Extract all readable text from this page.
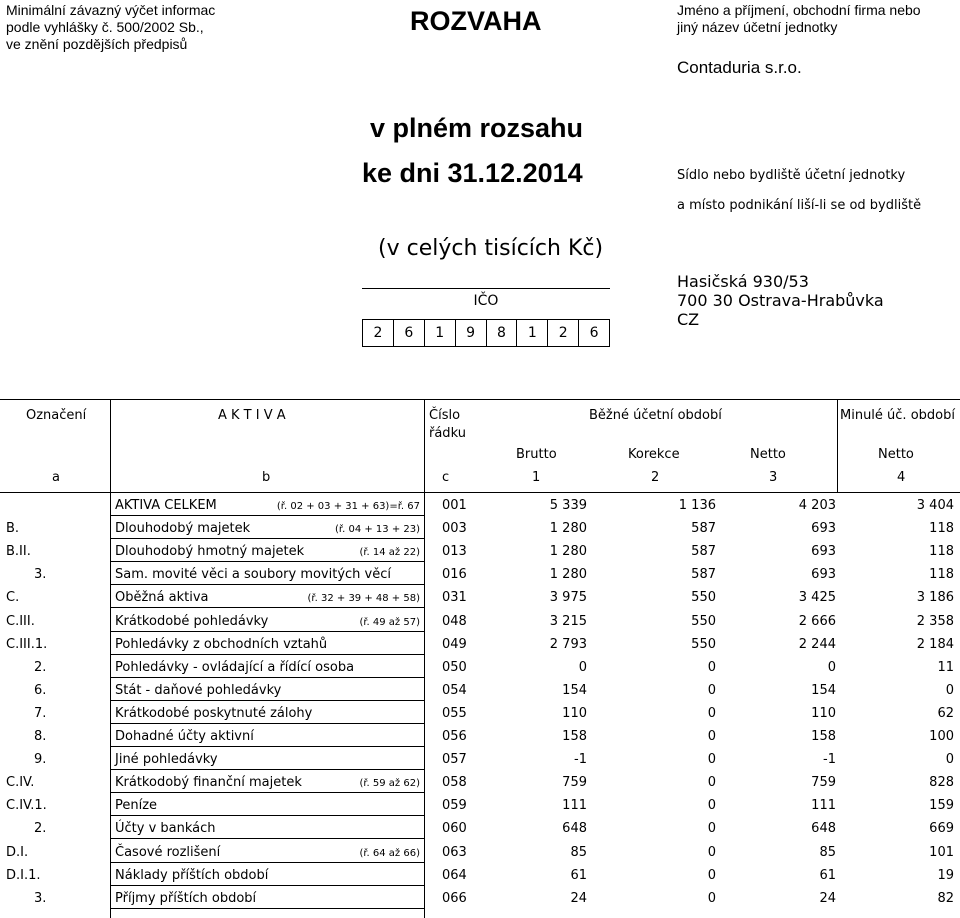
Minimální závazný výčet informac
podle vyhlášky č. 500/2002 Sb.,
ve znění pozdějších předpisů
ROZVAHA	Jméno a příjmení, obchodní firma nebo
jiný název účetní jednotky
Contaduria s.r.o.
v plném rozsahu
ke dni 31.12.2014	Sídlo nebo bydliště účetní jednotky
a místo podnikání liší-li se od bydliště
(v celých tisících Kč)
IČO
2	6	1	9	8	1	2	6
Hasičská 930/53
700 30 Ostrava-Hrabůvka
CZ
Označení	A K T I V A	Číslo
řádku
Běžné účetní období	Minulé úč. období
Brutto	Korekce	Netto	Netto
a	b	c	1	2	3	4
AKTIVA CELKEM	(ř. 02 + 03 + 31 + 63)=ř. 67 001	5 339	1 136	4 203	3 404
B.	Dlouhodobý majetek	(ř. 04 + 13 + 23) 003	1 280	587	693	118
B.II.	Dlouhodobý hmotný majetek	(ř. 14 až 22) 013	1 280	587	693	118
3.	Sam. movité věci a soubory movitých věcí	016	1 280	587	693	118
C.	Oběžná aktiva	(ř. 32 + 39 + 48 + 58) 031	3 975	550	3 425	3 186
C.III.	Krátkodobé pohledávky	(ř. 49 až 57) 048	3 215	550	2 666	2 358
C.III.1.	Pohledávky z obchodních vztahů	049	2 793	550	2 244	2 184
2.	Pohledávky - ovládající a řídící osoba	050	0	0	0	11
6.	Stát - daňové pohledávky	054	154	0	154	0
7.	Krátkodobé poskytnuté zálohy	055	110	0	110	62
8.	Dohadné účty aktivní	056	158	0	158	100
9.	Jiné pohledávky	057	-1	0	-1	0
C.IV.	Krátkodobý finanční majetek	(ř. 59 až 62) 058	759	0	759	828
C.IV.1.	Peníze	059	111	0	111	159
2.	Účty v bankách	060	648	0	648	669
D.I.	Časové rozlišení	(ř. 64 až 66) 063	85	0	85	101
D.I.1.	Náklady příštích období	064	61	0	61	19
3.	Příjmy příštích období	066	24	0	24	82
